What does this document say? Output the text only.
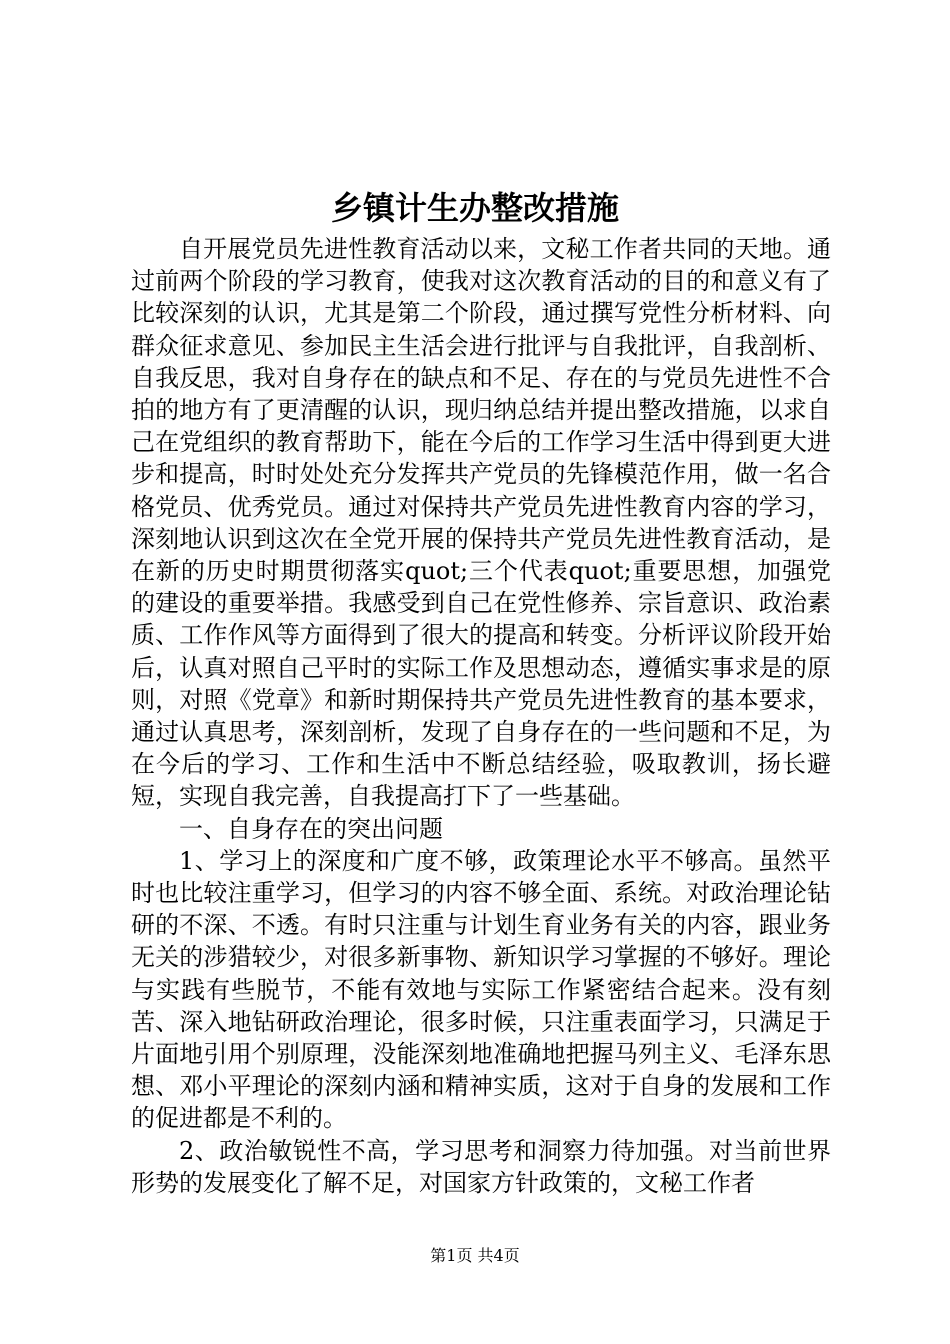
乡镇计生办整改措施

自开展党员先进性教育活动以来，文秘工作者共同的天地。通过前两个阶段的学习教育，使我对这次教育活动的目的和意义有了比较深刻的认识，尤其是第二个阶段，通过撰写党性分析材料、向群众征求意见、参加民主生活会进行批评与自我批评，自我剖析、自我反思，我对自身存在的缺点和不足、存在的与党员先进性不合拍的地方有了更清醒的认识，现归纳总结并提出整改措施，以求自己在党组织的教育帮助下，能在今后的工作学习生活中得到更大进步和提高，时时处处充分发挥共产党员的先锋模范作用，做一名合格党员、优秀党员。通过对保持共产党员先进性教育内容的学习，深刻地认识到这次在全党开展的保持共产党员先进性教育活动，是在新的历史时期贯彻落实quot;三个代表quot;重要思想，加强党的建设的重要举措。我感受到自己在党性修养、宗旨意识、政治素质、工作作风等方面得到了很大的提高和转变。分析评议阶段开始后，认真对照自己平时的实际工作及思想动态，遵循实事求是的原则，对照《党章》和新时期保持共产党员先进性教育的基本要求，通过认真思考，深刻剖析，发现了自身存在的一些问题和不足，为在今后的学习、工作和生活中不断总结经验，吸取教训，扬长避短，实现自我完善，自我提高打下了一些基础。

一、自身存在的突出问题

1、学习上的深度和广度不够，政策理论水平不够高。虽然平时也比较注重学习，但学习的内容不够全面、系统。对政治理论钻研的不深、不透。有时只注重与计划生育业务有关的内容，跟业务无关的涉猎较少，对很多新事物、新知识学习掌握的不够好。理论与实践有些脱节，不能有效地与实际工作紧密结合起来。没有刻苦、深入地钻研政治理论，很多时候，只注重表面学习，只满足于片面地引用个别原理，没能深刻地准确地把握马列主义、毛泽东思想、邓小平理论的深刻内涵和精神实质，这对于自身的发展和工作的促进都是不利的。

2、政治敏锐性不高，学习思考和洞察力待加强。对当前世界形势的发展变化了解不足，对国家方针政策的，文秘工作者

第1页 共4页
